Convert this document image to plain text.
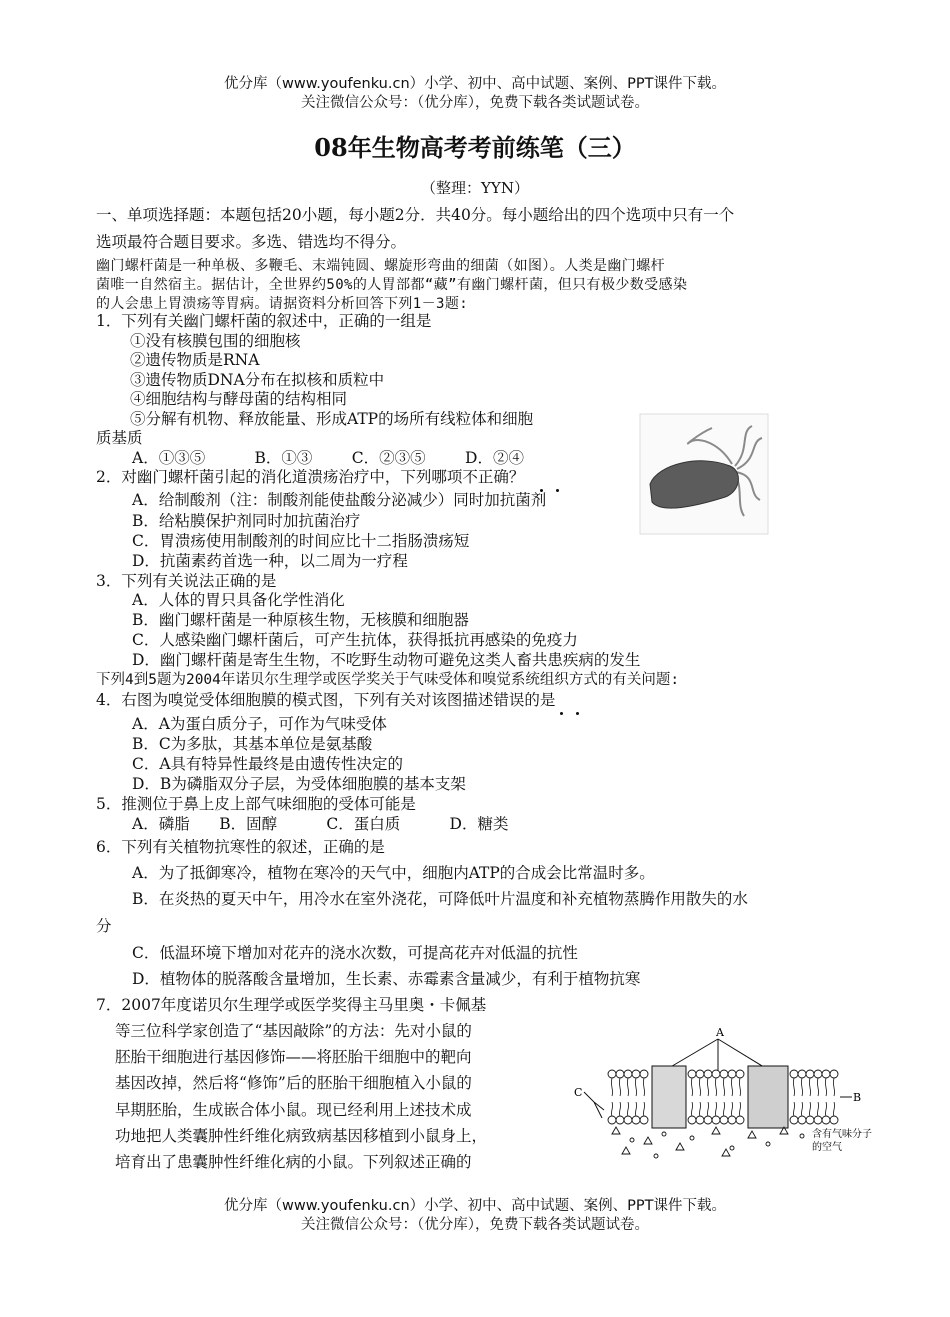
优分库（www.youfenku.cn）小学、初中、高中试题、案例、PPT课件下载。
关注微信公众号：（优分库），免费下载各类试题试卷。
08年生物高考考前练笔（三）
（整理：YYN）
一、单项选择题：本题包括20小题，每小题2分．共40分。每小题给出的四个选项中只有一个
选项最符合题目要求。多选、错选均不得分。
幽门螺杆菌是一种单极、多鞭毛、末端钝圆、螺旋形弯曲的细菌（如图）。人类是幽门螺杆
菌唯一自然宿主。据估计，全世界约50%的人胃部都“藏”有幽门螺杆菌，但只有极少数受感染
的人会患上胃溃疡等胃病。请据资料分析回答下列1－3题:
1．下列有关幽门螺杆菌的叙述中，正确的一组是
①没有核膜包围的细胞核
②遗传物质是RNA
③遗传物质DNA分布在拟核和质粒中
④细胞结构与酵母菌的结构相同
⑤分解有机物、释放能量、形成ATP的场所有线粒体和细胞
质基质
A．①③⑤          B．①③        C．②③⑤        D．②④
2．对幽门螺杆菌引起的消化道溃疡治疗中，下列哪项不正确？
A．给制酸剂（注：制酸剂能使盐酸分泌减少）同时加抗菌剂
B．给粘膜保护剂同时加抗菌治疗
C．胃溃疡使用制酸剂的时间应比十二指肠溃疡短
D．抗菌素药首选一种，以二周为一疗程
3．下列有关说法正确的是
A．人体的胃只具备化学性消化
B．幽门螺杆菌是一种原核生物，无核膜和细胞器
C．人感染幽门螺杆菌后，可产生抗体，获得抵抗再感染的免疫力
D．幽门螺杆菌是寄生生物，不吃野生动物可避免这类人畜共患疾病的发生
下列4到5题为2004年诺贝尔生理学或医学奖关于气味受体和嗅觉系统组织方式的有关问题:
4．右图为嗅觉受体细胞膜的模式图，下列有关对该图描述错误的是
A．A为蛋白质分子，可作为气味受体
B．C为多肽，其基本单位是氨基酸
C．A具有特异性最终是由遗传性决定的
D．B为磷脂双分子层，为受体细胞膜的基本支架
5．推测位于鼻上皮上部气味细胞的受体可能是
A．磷脂      B．固醇          C．蛋白质          D．糖类
6．下列有关植物抗寒性的叙述，正确的是
A．为了抵御寒冷，植物在寒冷的天气中，细胞内ATP的合成会比常温时多。
B．在炎热的夏天中午，用冷水在室外浇花，可降低叶片温度和补充植物蒸腾作用散失的水
分
C．低温环境下增加对花卉的浇水次数，可提高花卉对低温的抗性
D．植物体的脱落酸含量增加，生长素、赤霉素含量减少，有利于植物抗寒
7．2007年度诺贝尔生理学或医学奖得主马里奥・卡佩基
等三位科学家创造了“基因敲除”的方法：先对小鼠的
胚胎干细胞进行基因修饰——将胚胎干细胞中的靶向
基因改掉，然后将“修饰”后的胚胎干细胞植入小鼠的
早期胚胎，生成嵌合体小鼠。现已经利用上述技术成
功地把人类囊肿性纤维化病致病基因移植到小鼠身上，
培育出了患囊肿性纤维化病的小鼠。下列叙述正确的
A
B
C
含有气味分子
的空气
优分库（www.youfenku.cn）小学、初中、高中试题、案例、PPT课件下载。
关注微信公众号：（优分库），免费下载各类试题试卷。
